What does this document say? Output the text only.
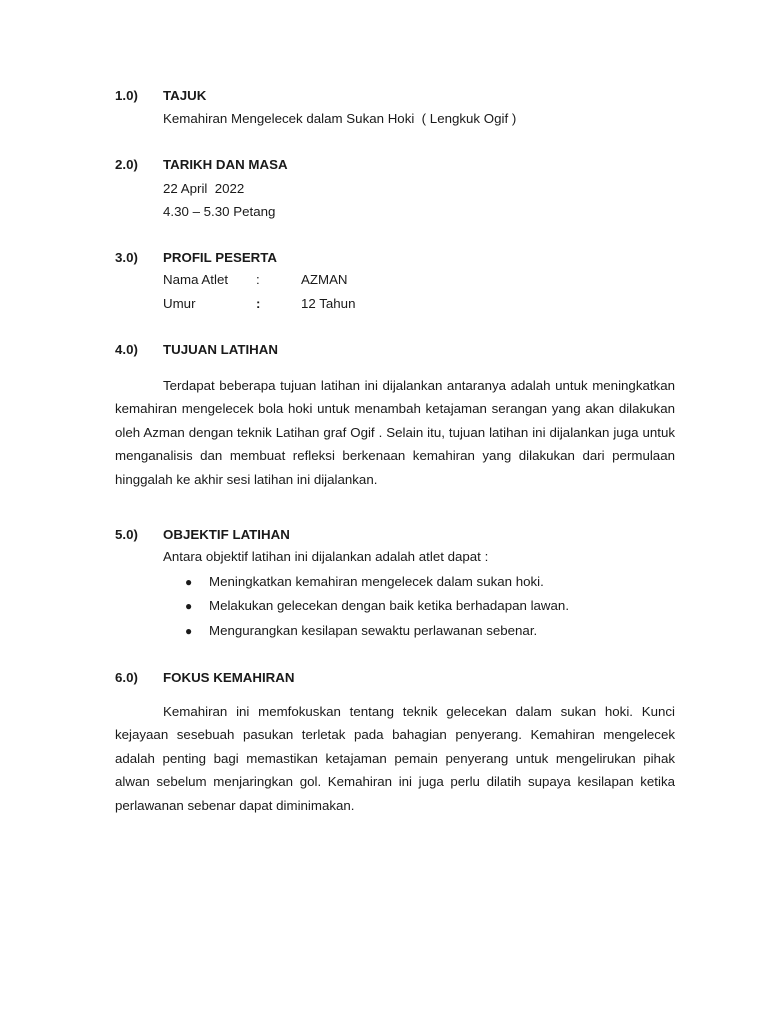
1.0) TAJUK
Kemahiran Mengelecek dalam Sukan Hoki  ( Lengkuk Ogif )
2.0) TARIKH DAN MASA
22 April  2022
4.30 – 5.30 Petang
3.0) PROFIL PESERTA
Nama Atlet :	AZMAN
Umur	:	12 Tahun
4.0) TUJUAN LATIHAN
Terdapat beberapa tujuan latihan ini dijalankan antaranya adalah untuk meningkatkan kemahiran mengelecek bola hoki untuk menambah ketajaman serangan yang akan dilakukan oleh Azman dengan teknik Latihan graf Ogif . Selain itu, tujuan latihan ini dijalankan juga untuk menganalisis dan membuat refleksi berkenaan kemahiran yang dilakukan dari permulaan hinggalah ke akhir sesi latihan ini dijalankan.
5.0) OBJEKTIF LATIHAN
Antara objektif latihan ini dijalankan adalah atlet dapat :
● Meningkatkan kemahiran mengelecek dalam sukan hoki.
● Melakukan gelecekan dengan baik ketika berhadapan lawan.
● Mengurangkan kesilapan sewaktu perlawanan sebenar.
6.0) FOKUS KEMAHIRAN
Kemahiran ini memfokuskan tentang teknik gelecekan dalam sukan hoki. Kunci kejayaan sesebuah pasukan terletak pada bahagian penyerang. Kemahiran mengelecek adalah penting bagi memastikan ketajaman pemain penyerang untuk mengelirukan pihak alwan sebelum menjaringkan gol. Kemahiran ini juga perlu dilatih supaya kesilapan ketika perlawanan sebenar dapat diminimakan.
